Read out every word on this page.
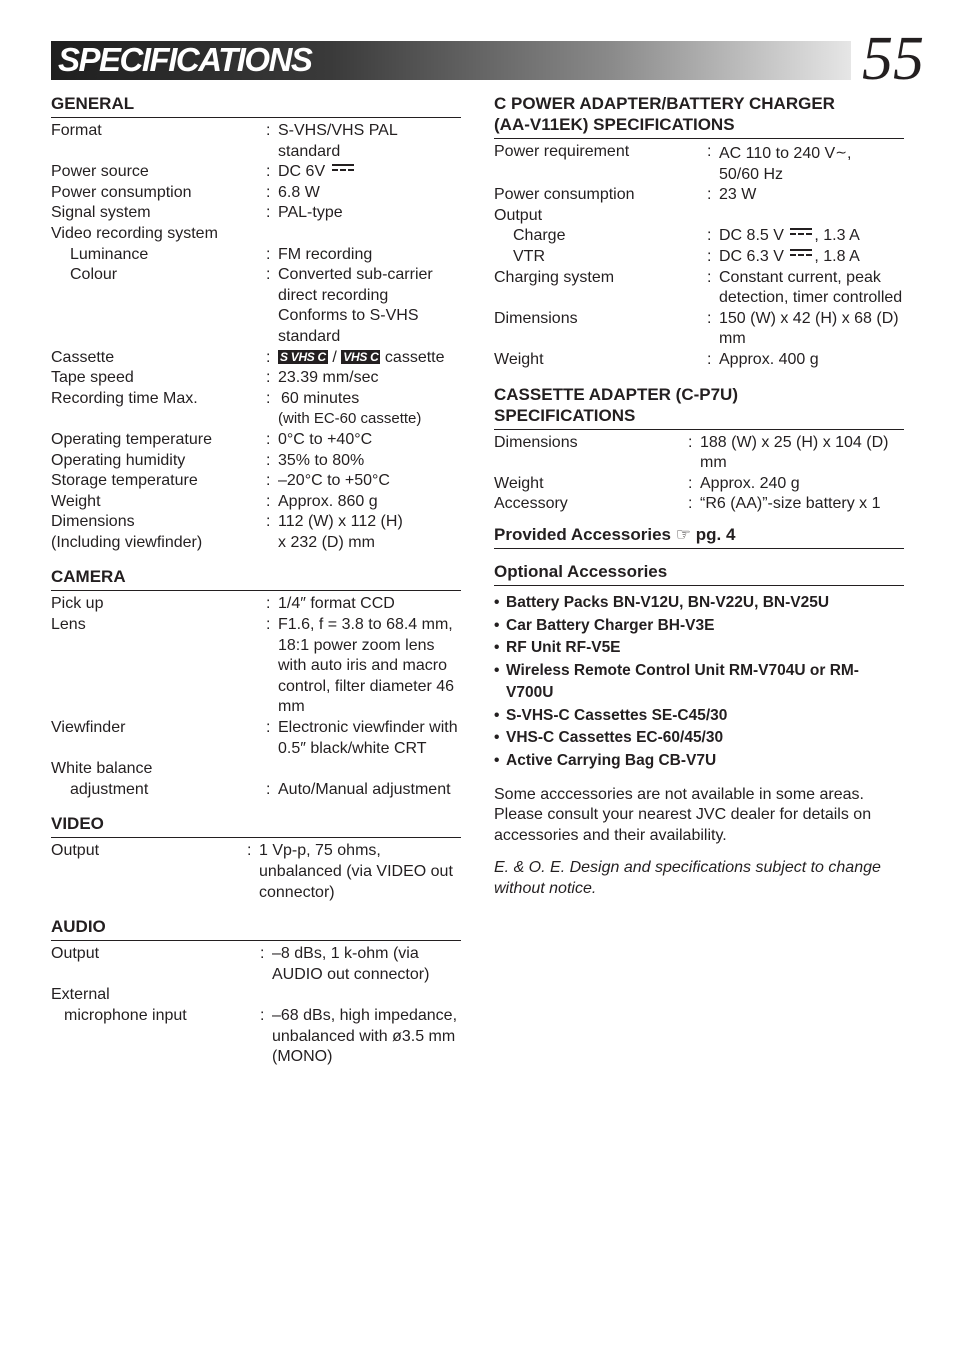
SPECIFICATIONS	55
GENERAL
Format	:	S-VHS/VHS PAL standard
Power source	:	DC 6V
Power consumption	:	6.8 W
Signal system	:	PAL-type
Video recording system		
Luminance	:	FM recording
Colour	:	Converted sub-carrier direct recording Conforms to S-VHS standard
Cassette	:	S VHS C / VHS C cassette
Tape speed	:	23.39 mm/sec
Recording time Max.	:	60 minutes
(with EC-60 cassette)

Operating temperature	:	0°C to +40°C
Operating humidity	:	35% to 80%
Storage temperature	:	–20°C to +50°C
Weight	:	Approx. 860 g
Dimensions	:	112 (W) x 112 (H)
(Including viewfinder)		x 232 (D) mm
CAMERA
Pick up	:	1/4″ format CCD
Lens	:	F1.6, f = 3.8 to 68.4 mm, 18:1 power zoom lens with auto iris and macro control, filter diameter 46 mm
Viewfinder	:	Electronic viewfinder with 0.5″ black/white CRT
White balance		
adjustment	:	Auto/Manual adjustment
VIDEO
Output	:	1 Vp-p, 75 ohms, unbalanced (via VIDEO out connector)
AUDIO
Output	:	–8 dBs, 1 k-ohm (via AUDIO out connector)
External		
microphone input	:	–68 dBs, high impedance, unbalanced with ø3.5 mm (MONO)
C POWER ADAPTER/BATTERY CHARGER
(AA-V11EK) SPECIFICATIONS
Power requirement	:	AC 110 to 240 V∼,
50/60 Hz

Power consumption	:	23 W
Output		
Charge	:	DC 8.5 V , 1.3 A
VTR	:	DC 6.3 V , 1.8 A
Charging system	:	Constant current, peak detection, timer controlled
Dimensions	:	150 (W) x 42 (H) x 68 (D) mm
Weight	:	Approx. 400 g
CASSETTE ADAPTER (C-P7U)
SPECIFICATIONS
Dimensions	:	188 (W) x 25 (H) x 104 (D) mm
Weight	:	Approx. 240 g
Accessory	:	“R6 (AA)”-size battery x 1
Provided Accessories ☞ pg. 4
Optional Accessories
• Battery Packs BN-V12U, BN-V22U, BN-V25U
• Car Battery Charger BH-V3E
• RF Unit RF-V5E
• Wireless Remote Control Unit RM-V704U or RM-V700U
• S-VHS-C Cassettes SE-C45/30
• VHS-C Cassettes EC-60/45/30
• Active Carrying Bag CB-V7U

Some acccessories are not available in some areas. Please consult your nearest JVC dealer for details on accessories and their availability.

E. & O. E. Design and specifications subject to change without notice.
